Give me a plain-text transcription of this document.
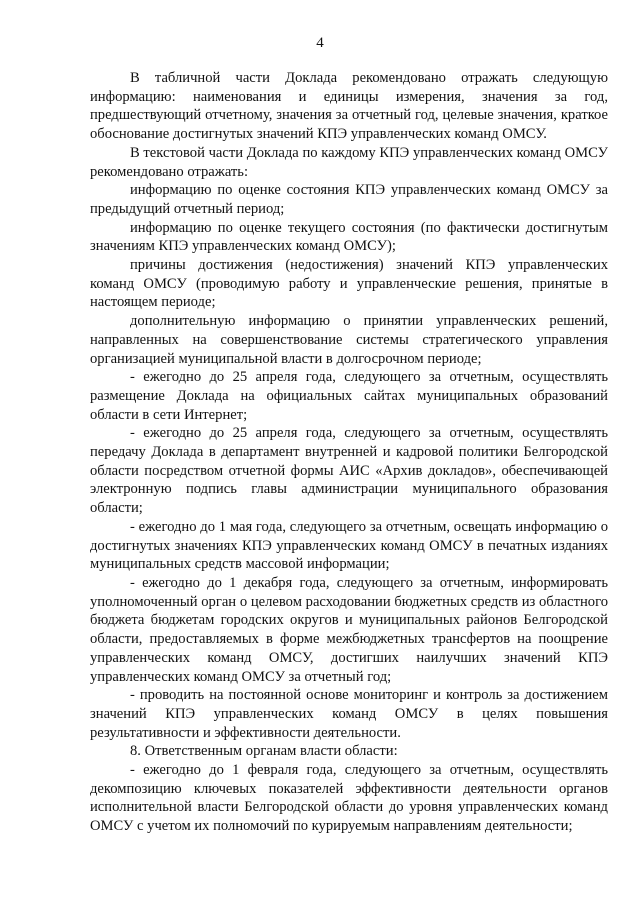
4

В табличной части Доклада рекомендовано отражать следующую информацию: наименования и единицы измерения, значения за год, предшествующий отчетному, значения за отчетный год, целевые значения, краткое обоснование достигнутых значений КПЭ управленческих команд ОМСУ.

В текстовой части Доклада по каждому КПЭ управленческих команд ОМСУ рекомендовано отражать:

информацию по оценке состояния КПЭ управленческих команд ОМСУ за предыдущий отчетный период;

информацию по оценке текущего состояния (по фактически достигнутым значениям КПЭ управленческих команд ОМСУ);

причины достижения (недостижения) значений КПЭ управленческих команд ОМСУ (проводимую работу и управленческие решения, принятые в настоящем периоде;

дополнительную информацию о принятии управленческих решений, направленных на совершенствование системы стратегического управления организацией муниципальной власти в долгосрочном периоде;

- ежегодно до 25 апреля года, следующего за отчетным, осуществлять размещение Доклада на официальных сайтах муниципальных образований области в сети Интернет;

- ежегодно до 25 апреля года, следующего за отчетным, осуществлять передачу Доклада в департамент внутренней и кадровой политики Белгородской области посредством отчетной формы АИС «Архив докладов», обеспечивающей электронную подпись главы администрации муниципального образования области;

- ежегодно до 1 мая года, следующего за отчетным, освещать информацию о достигнутых значениях КПЭ управленческих команд ОМСУ в печатных изданиях муниципальных средств массовой информации;

- ежегодно до 1 декабря года, следующего за отчетным, информировать уполномоченный орган о целевом расходовании бюджетных средств из областного бюджета бюджетам городских округов и муниципальных районов Белгородской области, предоставляемых в форме межбюджетных трансфертов на поощрение управленческих команд ОМСУ, достигших наилучших значений КПЭ управленческих команд ОМСУ за отчетный год;

- проводить на постоянной основе мониторинг и контроль за достижением значений КПЭ управленческих команд ОМСУ в целях повышения результативности и эффективности деятельности.

8. Ответственным органам власти области:

- ежегодно до 1 февраля года, следующего за отчетным, осуществлять декомпозицию ключевых показателей эффективности деятельности органов исполнительной власти Белгородской области до уровня управленческих команд ОМСУ с учетом их полномочий по курируемым направлениям деятельности;
